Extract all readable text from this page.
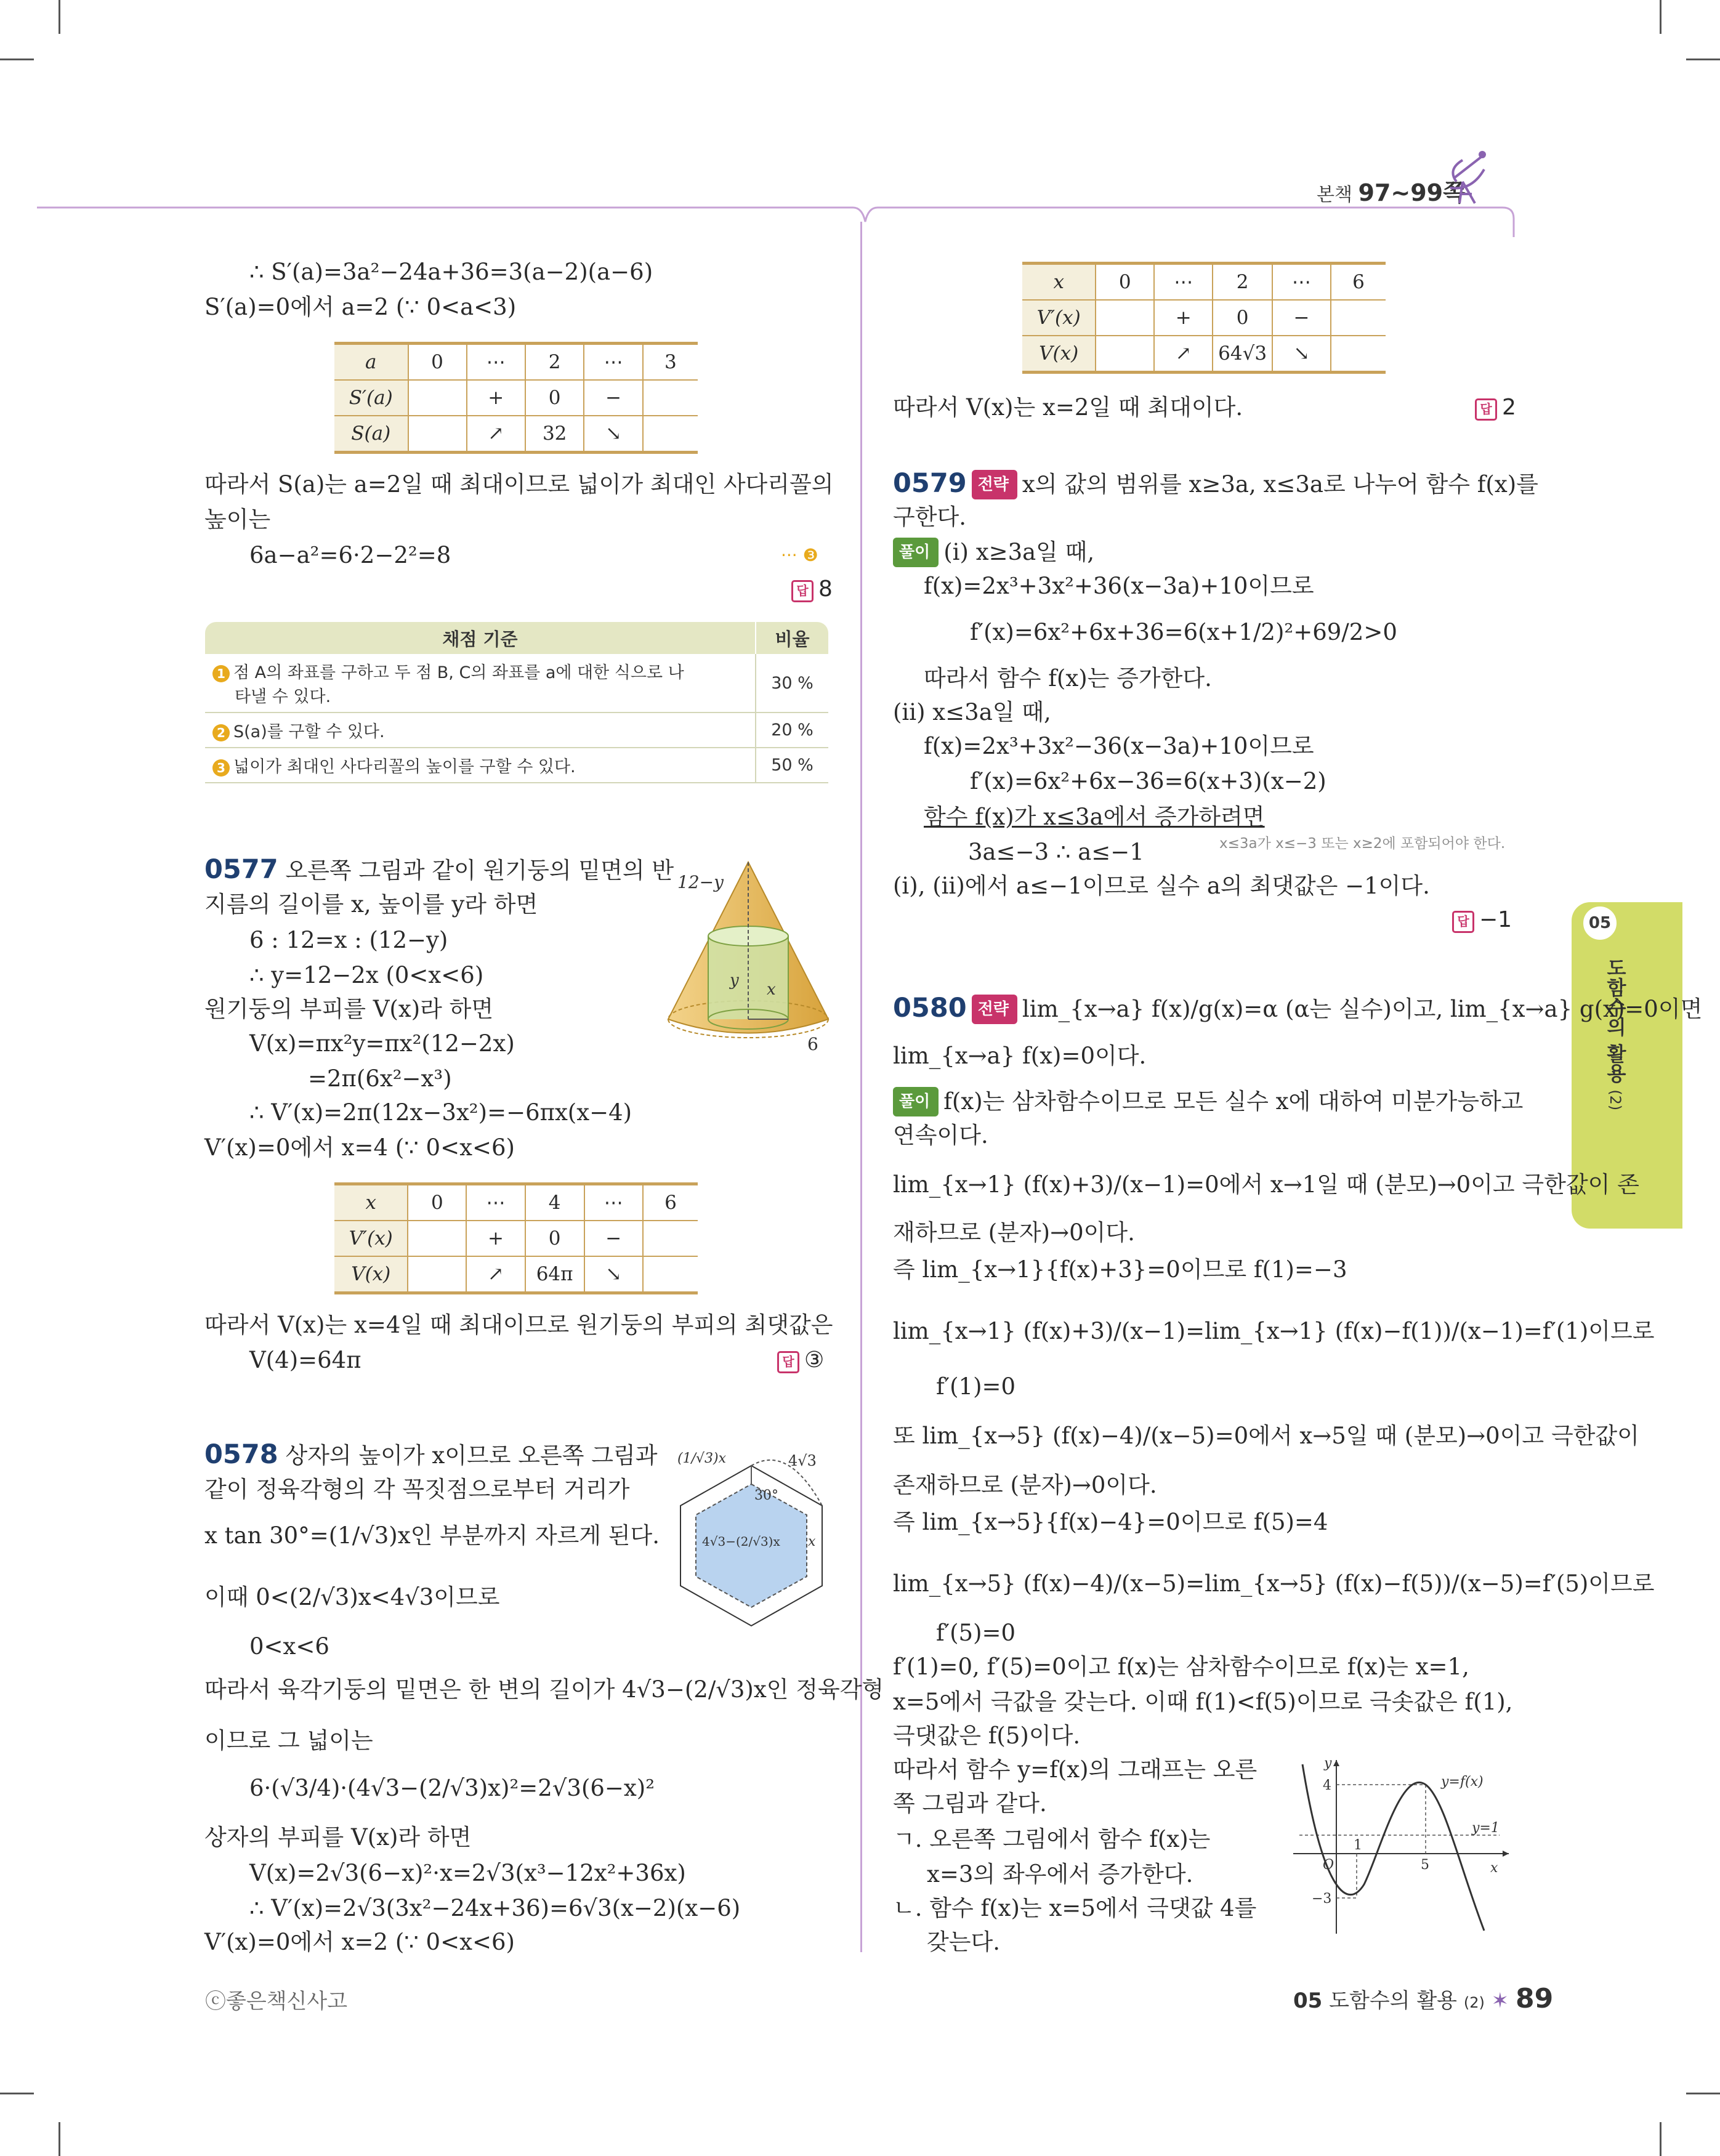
본책 97~99쪽
05
도함수의 활용 (2)
∴ S′(a)=3a²−24a+36=3(a−2)(a−6)
S′(a)=0에서 a=2 (∵ 0<a<3)
a	0	⋯	2	⋯	3
S′(a)		+	0	−	
S(a)		↗	32	↘	
따라서 S(a)는 a=2일 때 최대이므로 넓이가 최대인 사다리꼴의
높이는
6a−a²=6·2−2²=8	··· ❸
답 8
채점 기준	비율
1 점 A의 좌표를 구하고 두 점 B, C의 좌표를 a에 대한 식으로 나
타낼 수 있다.	30 %
2 S(a)를 구할 수 있다.	20 %
3 넓이가 최대인 사다리꼴의 높이를 구할 수 있다.	50 %
0577 오른쪽 그림과 같이 원기둥의 밑면의 반
지름의 길이를 x, 높이를 y라 하면
6 : 12=x : (12−y)
∴ y=12−2x (0<x<6)
원기둥의 부피를 V(x)라 하면
V(x)=πx²y=πx²(12−2x)
=2π(6x²−x³)
∴ V′(x)=2π(12x−3x²)=−6πx(x−4)
V′(x)=0에서 x=4 (∵ 0<x<6)
12−y
y x
6
x	0	⋯	4	⋯	6
V′(x)		+	0	−	
V(x)		↗	64π	↘	
따라서 V(x)는 x=4일 때 최대이므로 원기둥의 부피의 최댓값은
V(4)=64π	답 ③
0578 상자의 높이가 x이므로 오른쪽 그림과
같이 정육각형의 각 꼭짓점으로부터 거리가
x tan 30°=(1/√3)x인 부분까지 자르게 된다.
이때 0<(2/√3)x<4√3이므로
0<x<6
따라서 육각기둥의 밑면은 한 변의 길이가 4√3−(2/√3)x인 정육각형
이므로 그 넓이는
6·(√3/4)·(4√3−(2/√3)x)²=2√3(6−x)²
상자의 부피를 V(x)라 하면
V(x)=2√3(6−x)²·x=2√3(x³−12x²+36x)
∴ V′(x)=2√3(3x²−24x+36)=6√3(x−2)(x−6)
V′(x)=0에서 x=2 (∵ 0<x<6)
(1/√3)x	4√3
30°
4√3−(2/√3)x x
x	0	⋯	2	⋯	6
V′(x)		+	0	−	
V(x)		↗	64√3	↘	
따라서 V(x)는 x=2일 때 최대이다.	답 2
0579 전략 x의 값의 범위를 x≥3a, x≤3a로 나누어 함수 f(x)를
구한다.
풀이 (ⅰ) x≥3a일 때,
f(x)=2x³+3x²+36(x−3a)+10이므로
f′(x)=6x²+6x+36=6(x+1/2)²+69/2>0
따라서 함수 f(x)는 증가한다.
(ⅱ) x≤3a일 때,
f(x)=2x³+3x²−36(x−3a)+10이므로
f′(x)=6x²+6x−36=6(x+3)(x−2)
함수 f(x)가 x≤3a에서 증가하려면
3a≤−3 ∴ a≤−1	x≤3a가 x≤−3 또는 x≥2에 포함되어야 한다.
(ⅰ), (ⅱ)에서 a≤−1이므로 실수 a의 최댓값은 −1이다.
답 −1
0580 전략 lim_{x→a} f(x)/g(x)=α (α는 실수)이고, lim_{x→a} g(x)=0이면
lim_{x→a} f(x)=0이다.
풀이 f(x)는 삼차함수이므로 모든 실수 x에 대하여 미분가능하고
연속이다.
lim_{x→1} (f(x)+3)/(x−1)=0에서 x→1일 때 (분모)→0이고 극한값이 존
재하므로 (분자)→0이다.
즉 lim_{x→1}{f(x)+3}=0이므로 f(1)=−3
lim_{x→1} (f(x)+3)/(x−1)=lim_{x→1} (f(x)−f(1))/(x−1)=f′(1)이므로
f′(1)=0
또 lim_{x→5} (f(x)−4)/(x−5)=0에서 x→5일 때 (분모)→0이고 극한값이
존재하므로 (분자)→0이다.
즉 lim_{x→5}{f(x)−4}=0이므로 f(5)=4
lim_{x→5} (f(x)−4)/(x−5)=lim_{x→5} (f(x)−f(5))/(x−5)=f′(5)이므로
f′(5)=0
f′(1)=0, f′(5)=0이고 f(x)는 삼차함수이므로 f(x)는 x=1,
x=5에서 극값을 갖는다. 이때 f(1)<f(5)이므로 극솟값은 f(1),
극댓값은 f(5)이다.
따라서 함수 y=f(x)의 그래프는 오른
쪽 그림과 같다.
ㄱ. 오른쪽 그림에서 함수 f(x)는
x=3의 좌우에서 증가한다.
ㄴ. 함수 f(x)는 x=5에서 극댓값 4를
갖는다.
y
x
4
−3
1
5
O
y=f(x)
y=1
ⓒ좋은책신사고	05 도함수의 활용 (2) ✶ 89
